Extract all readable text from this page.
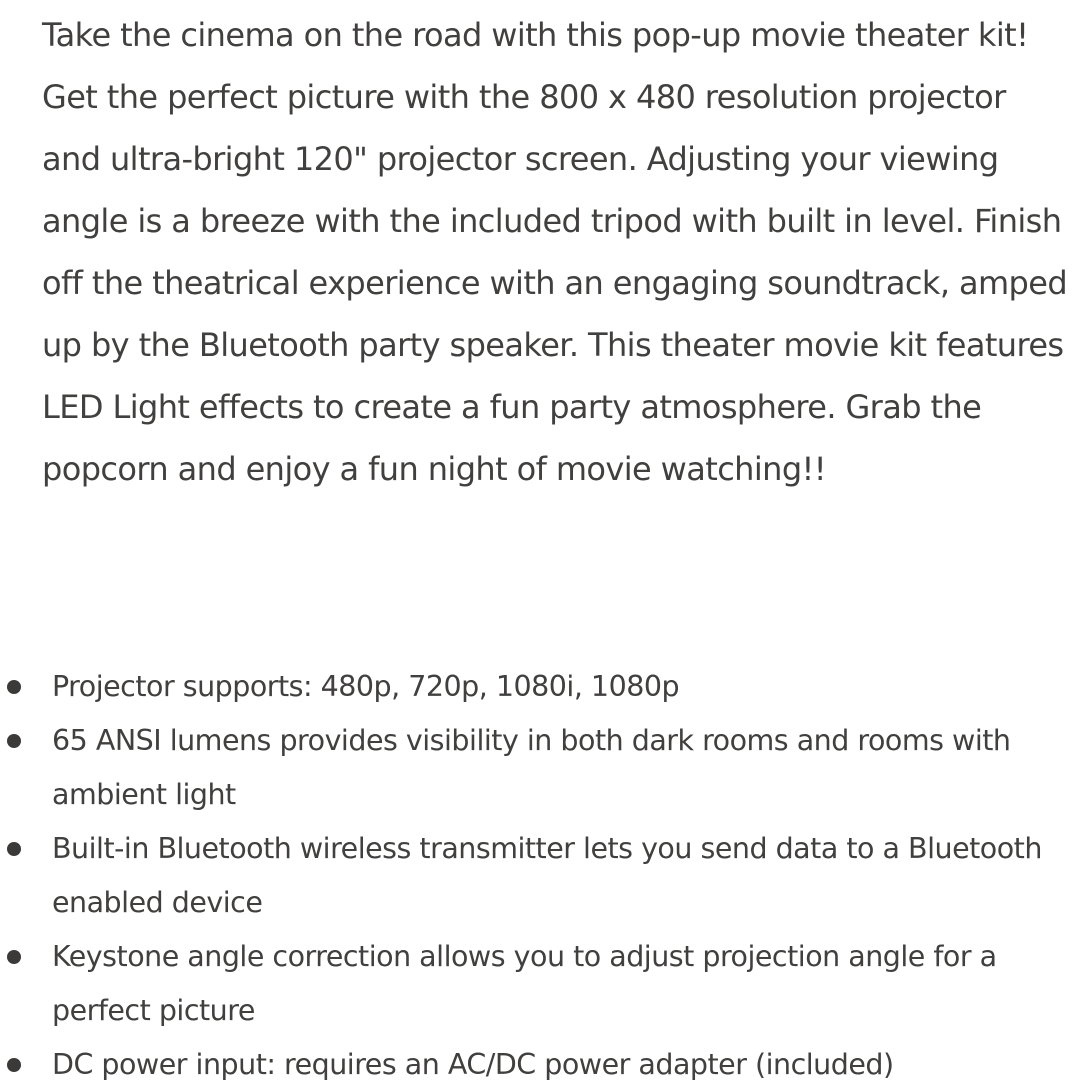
Take the cinema on the road with this pop-up movie theater kit! Get the perfect picture with the 800 x 480 resolution projector and ultra-bright 120" projector screen. Adjusting your viewing angle is a breeze with the included tripod with built in level. Finish off the theatrical experience with an engaging soundtrack, amped up by the Bluetooth party speaker. This theater movie kit features LED Light effects to create a fun party atmosphere. Grab the popcorn and enjoy a fun night of movie watching!!

Projector supports: 480p, 720p, 1080i, 1080p
65 ANSI lumens provides visibility in both dark rooms and rooms with ambient light
Built-in Bluetooth wireless transmitter lets you send data to a Bluetooth enabled device
Keystone angle correction allows you to adjust projection angle for a perfect picture
DC power input: requires an AC/DC power adapter (included)
